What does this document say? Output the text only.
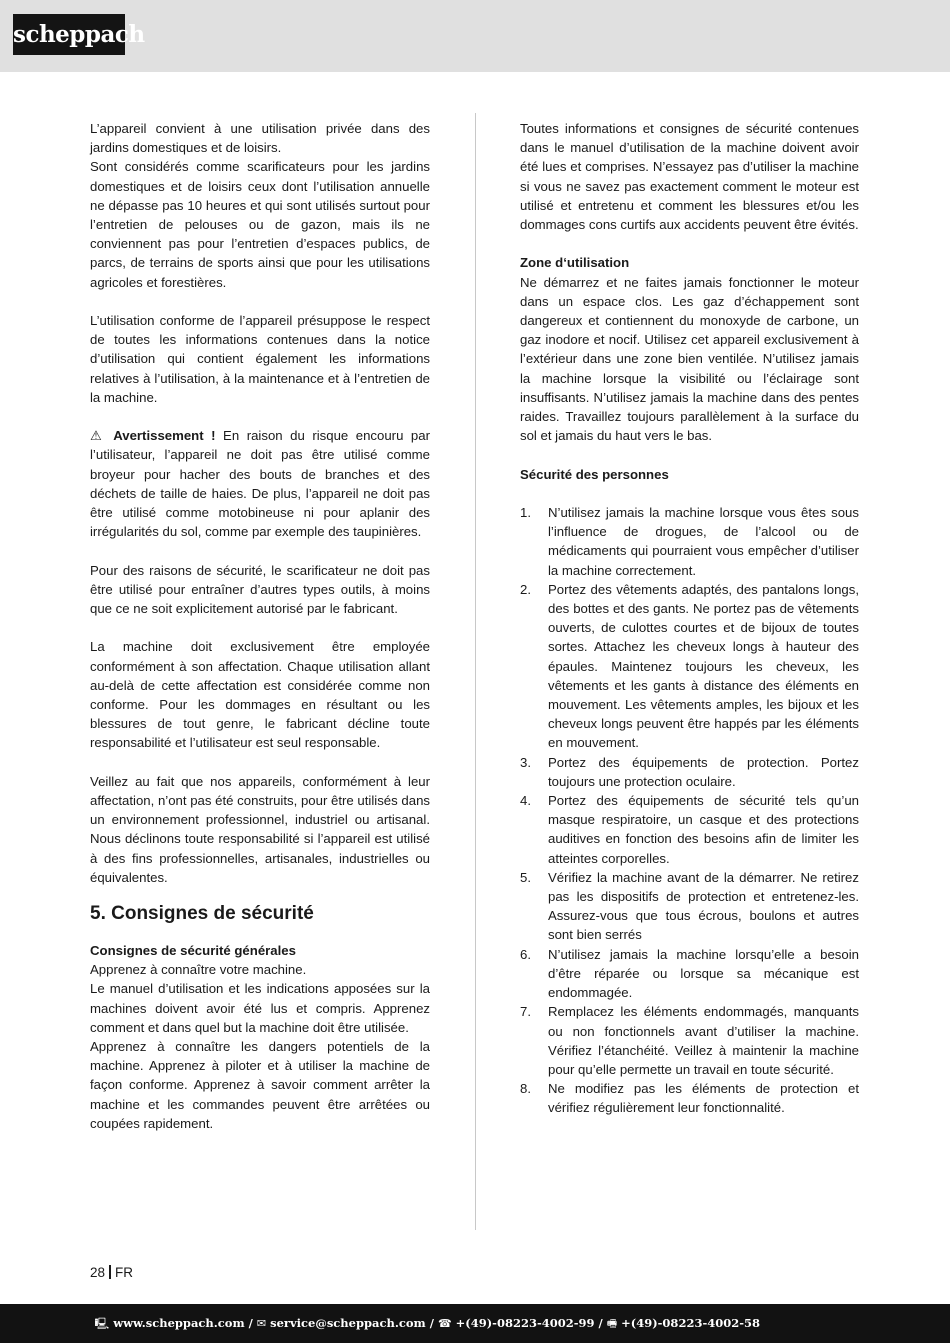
scheppach

L’appareil convient à une utilisation privée dans des jardins domestiques et de loisirs.

Sont considérés comme scarificateurs pour les jardins domestiques et de loisirs ceux dont l’utilisation annuelle ne dépasse pas 10 heures et qui sont utilisés surtout pour l’entretien de pelouses ou de gazon, mais ils ne conviennent pas pour l’entretien d’espaces publics, de parcs, de terrains de sports ainsi que pour les utilisations agricoles et forestières.

L’utilisation conforme de l’appareil présuppose le respect de toutes les informations contenues dans la notice d’utilisation qui contient également les informations relatives à l’utilisation, à la maintenance et à l’entretien de la machine.

⚠ Avertissement ! En raison du risque encouru par l’utilisateur, l’appareil ne doit pas être utilisé comme broyeur pour hacher des bouts de branches et des déchets de taille de haies. De plus, l’appareil ne doit pas être utilisé comme motobineuse ni pour aplanir des irrégularités du sol, comme par exemple des taupinières.

Pour des raisons de sécurité, le scarificateur ne doit pas être utilisé pour entraîner d’autres types outils, à moins que ce ne soit explicitement autorisé par le fabricant.

La machine doit exclusivement être employée conformément à son affectation. Chaque utilisation allant au-delà de cette affectation est considérée comme non conforme. Pour les dommages en résultant ou les blessures de tout genre, le fabricant décline toute responsabilité et l’utilisateur est seul responsable.

Veillez au fait que nos appareils, conformément à leur affectation, n’ont pas été construits, pour être utilisés dans un environnement professionnel, industriel ou artisanal. Nous déclinons toute responsabilité si l’appareil est utilisé à des fins professionnelles, artisanales, industrielles ou équivalentes.

5. Consignes de sécurité

Consignes de sécurité générales

Apprenez à connaître votre machine.

Le manuel d’utilisation et les indications apposées sur la machines doivent avoir été lus et compris. Apprenez comment et dans quel but la machine doit être utilisée.

Apprenez à connaître les dangers potentiels de la machine. Apprenez à piloter et à utiliser la machine de façon conforme. Apprenez à savoir comment arrêter la machine et les commandes peuvent être arrêtées ou coupées rapidement.

Toutes informations et consignes de sécurité contenues dans le manuel d’utilisation de la machine doivent avoir été lues et comprises. N’essayez pas d’utiliser la machine si vous ne savez pas exactement comment le moteur est utilisé et entretenu et comment les blessures et/ou les dommages cons curtifs aux accidents peuvent être évités.

Zone d‘utilisation

Ne démarrez et ne faites jamais fonctionner le moteur dans un espace clos. Les gaz d’échappement sont dangereux et contiennent du monoxyde de carbone, un gaz inodore et nocif. Utilisez cet appareil exclusivement à l’extérieur dans une zone bien ventilée. N’utilisez jamais la machine lorsque la visibilité ou l’éclairage sont insuffisants. N’utilisez jamais la machine dans des pentes raides. Travaillez toujours parallèlement à la surface du sol et jamais du haut vers le bas.

Sécurité des personnes

1.	N’utilisez jamais la machine lorsque vous êtes sous l’influence de drogues, de l’alcool ou de médicaments qui pourraient vous empêcher d’utiliser la machine correctement.
2.	Portez des vêtements adaptés, des pantalons longs, des bottes et des gants. Ne portez pas de vêtements ouverts, de culottes courtes et de bijoux de toutes sortes. Attachez les cheveux longs à hauteur des épaules. Maintenez toujours les cheveux, les vêtements et les gants à distance des éléments en mouvement. Les vêtements amples, les bijoux et les cheveux longs peuvent être happés par les éléments en mouvement.
3.	Portez des équipements de protection. Portez toujours une protection oculaire.
4.	Portez des équipements de sécurité tels qu’un masque respiratoire, un casque et des protections auditives en fonction des besoins afin de limiter les atteintes corporelles.
5.	Vérifiez la machine avant de la démarrer. Ne retirez pas les dispositifs de protection et entretenez-les. Assurez-vous que tous écrous, boulons et autres sont bien serrés
6.	N’utilisez jamais la machine lorsqu’elle a besoin d’être réparée ou lorsque sa mécanique est endommagée.
7.	Remplacez les éléments endommagés, manquants ou non fonctionnels avant d’utiliser la machine. Vérifiez l’étanchéité. Veillez à maintenir la machine pour qu’elle permette un travail en toute sécurité.
8.	Ne modifiez pas les éléments de protection et vérifiez régulièrement leur fonctionnalité.
28 FR
🖳 www.scheppach.com / ✉ service@scheppach.com / ☎ +(49)-08223-4002-99 / 🖷 +(49)-08223-4002-58
